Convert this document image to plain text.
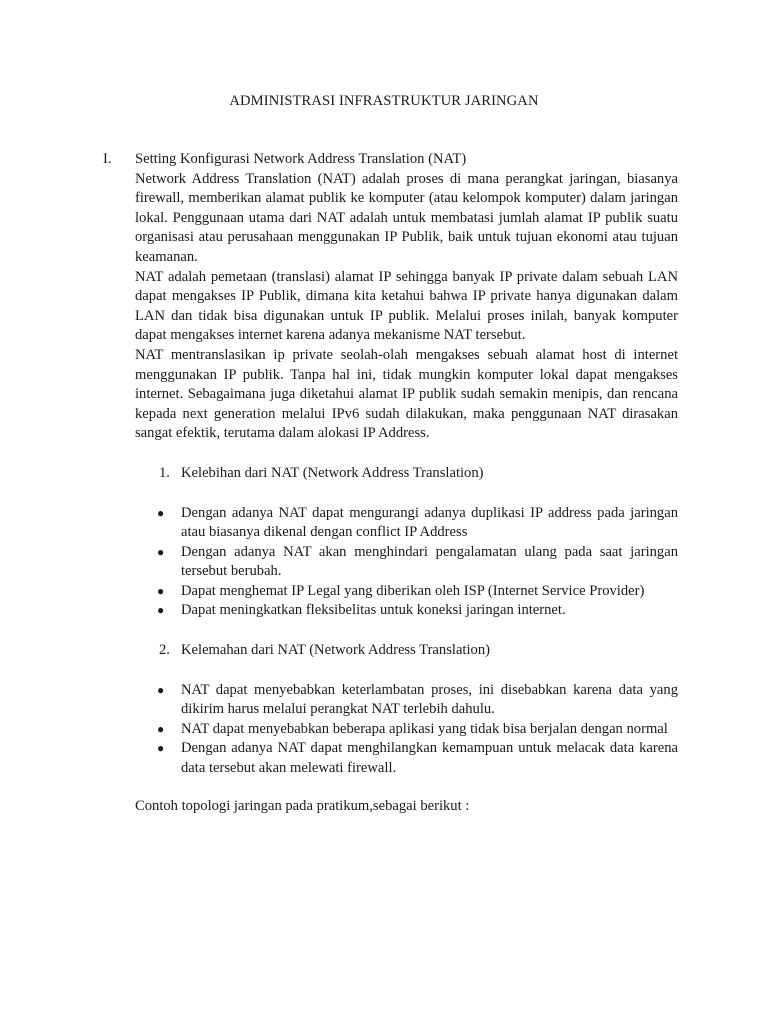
ADMINISTRASI INFRASTRUKTUR JARINGAN
I. Setting Konfigurasi Network Address Translation (NAT)

Network Address Translation (NAT) adalah proses di mana perangkat jaringan, biasanya firewall, memberikan alamat publik ke komputer (atau kelompok komputer) dalam jaringan lokal. Penggunaan utama dari NAT adalah untuk membatasi jumlah alamat IP publik suatu organisasi atau perusahaan menggunakan IP Publik, baik untuk tujuan ekonomi atau tujuan keamanan.

NAT adalah pemetaan (translasi) alamat IP sehingga banyak IP private dalam sebuah LAN dapat mengakses IP Publik, dimana kita ketahui bahwa IP private hanya digunakan dalam LAN dan tidak bisa digunakan untuk IP publik. Melalui proses inilah, banyak komputer dapat mengakses internet karena adanya mekanisme NAT tersebut.

NAT mentranslasikan ip private seolah-olah mengakses sebuah alamat host di internet menggunakan IP publik. Tanpa hal ini, tidak mungkin komputer lokal dapat mengakses internet. Sebagaimana juga diketahui alamat IP publik sudah semakin menipis, dan rencana kepada next generation melalui IPv6 sudah dilakukan, maka penggunaan NAT dirasakan sangat efektik, terutama dalam alokasi IP Address.

1. Kelebihan dari NAT (Network Address Translation)
● Dengan adanya NAT dapat mengurangi adanya duplikasi IP address pada jaringan atau biasanya dikenal dengan conflict IP Address
● Dengan adanya NAT akan menghindari pengalamatan ulang pada saat jaringan tersebut berubah.
● Dapat menghemat IP Legal yang diberikan oleh ISP (Internet Service Provider)
● Dapat meningkatkan fleksibelitas untuk koneksi jaringan internet.
2. Kelemahan dari NAT (Network Address Translation)
● NAT dapat menyebabkan keterlambatan proses, ini disebabkan karena data yang dikirim harus melalui perangkat NAT terlebih dahulu.
● NAT dapat menyebabkan beberapa aplikasi yang tidak bisa berjalan dengan normal
● Dengan adanya NAT dapat menghilangkan kemampuan untuk melacak data karena data tersebut akan melewati firewall.

Contoh topologi jaringan pada pratikum,sebagai berikut :
